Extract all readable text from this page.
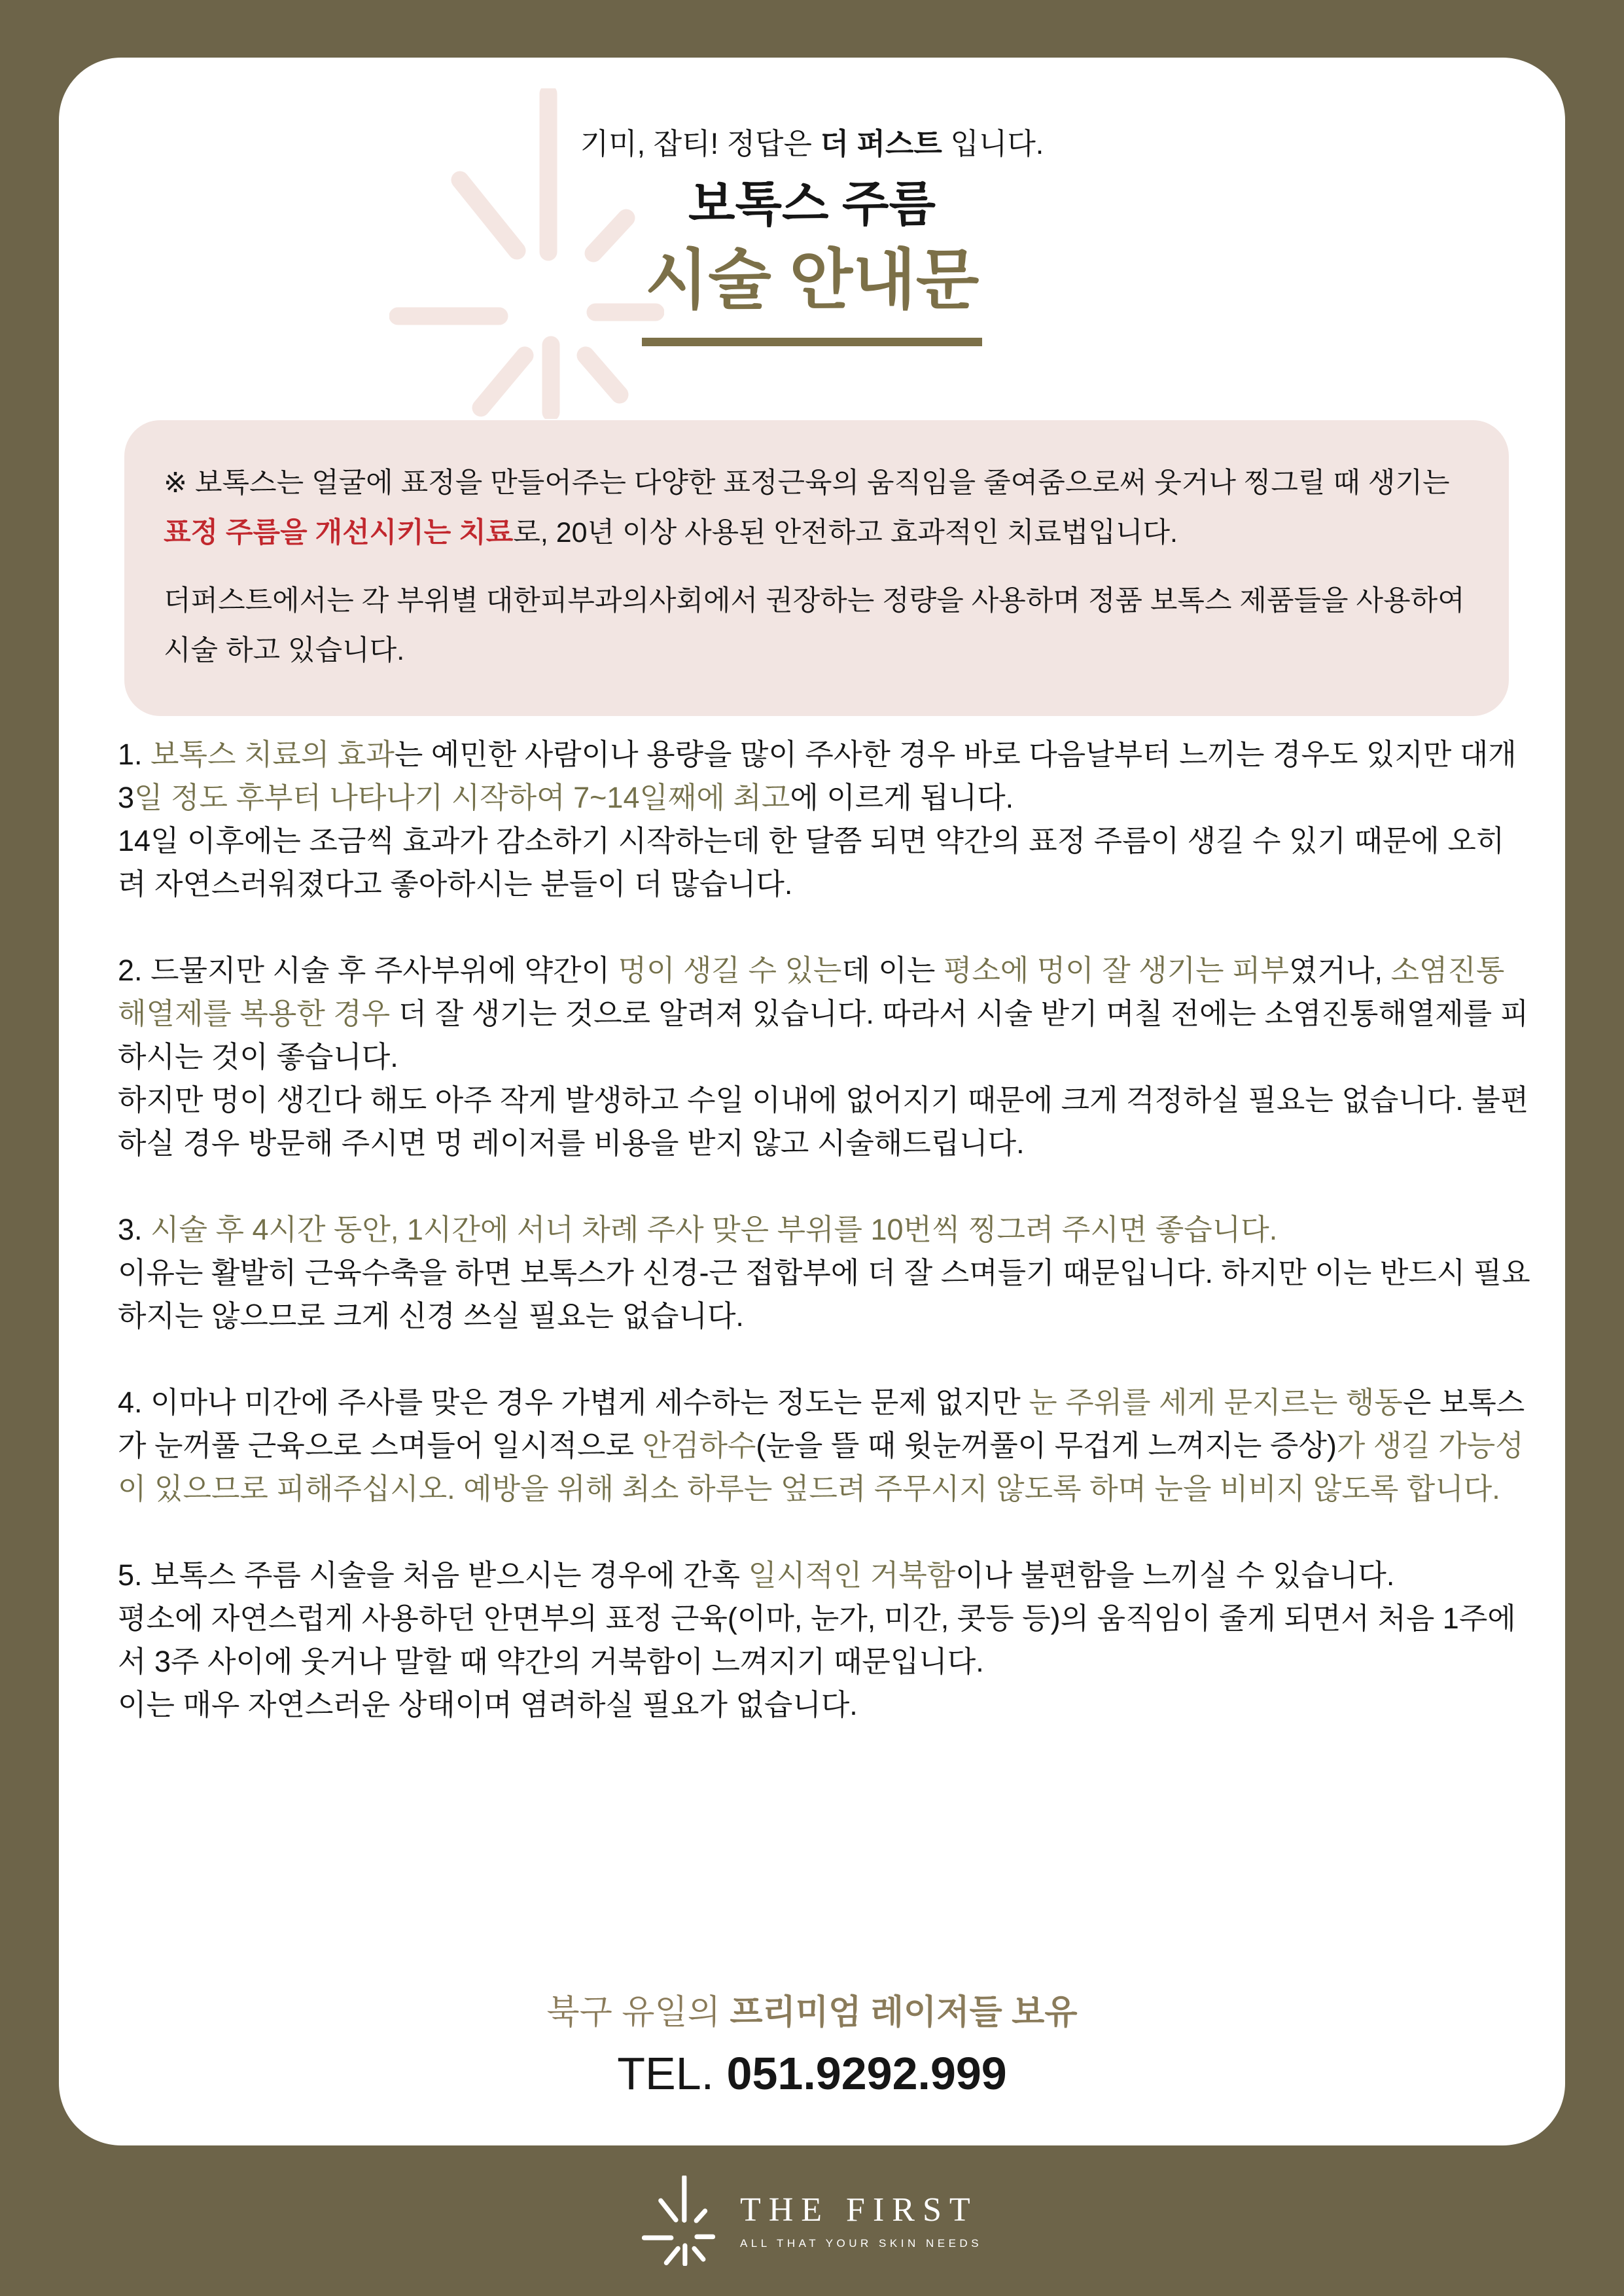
기미, 잡티! 정답은 더 퍼스트 입니다.
보톡스 주름
시술 안내문

※ 보톡스는 얼굴에 표정을 만들어주는 다양한 표정근육의 움직임을 줄여줌으로써 웃거나 찡그릴 때 생기는 표정 주름을 개선시키는 치료로, 20년 이상 사용된 안전하고 효과적인 치료법입니다.

더퍼스트에서는 각 부위별 대한피부과의사회에서 권장하는 정량을 사용하며 정품 보톡스 제품들을 사용하여 시술 하고 있습니다.

1. 보톡스 치료의 효과는 예민한 사람이나 용량을 많이 주사한 경우 바로 다음날부터 느끼는 경우도 있지만 대개 3일 정도 후부터 나타나기 시작하여 7~14일째에 최고에 이르게 됩니다.
14일 이후에는 조금씩 효과가 감소하기 시작하는데 한 달쯤 되면 약간의 표정 주름이 생길 수 있기 때문에 오히려 자연스러워졌다고 좋아하시는 분들이 더 많습니다.

2. 드물지만 시술 후 주사부위에 약간이 멍이 생길 수 있는데 이는 평소에 멍이 잘 생기는 피부였거나, 소염진통해열제를 복용한 경우 더 잘 생기는 것으로 알려져 있습니다. 따라서 시술 받기 며칠 전에는 소염진통해열제를 피하시는 것이 좋습니다.
하지만 멍이 생긴다 해도 아주 작게 발생하고 수일 이내에 없어지기 때문에 크게 걱정하실 필요는 없습니다. 불편하실 경우 방문해 주시면 멍 레이저를 비용을 받지 않고 시술해드립니다.

3. 시술 후 4시간 동안, 1시간에 서너 차례 주사 맞은 부위를 10번씩 찡그려 주시면 좋습니다.
이유는 활발히 근육수축을 하면 보톡스가 신경-근 접합부에 더 잘 스며들기 때문입니다. 하지만 이는 반드시 필요하지는 않으므로 크게 신경 쓰실 필요는 없습니다.

4. 이마나 미간에 주사를 맞은 경우 가볍게 세수하는 정도는 문제 없지만 눈 주위를 세게 문지르는 행동은 보톡스가 눈꺼풀 근육으로 스며들어 일시적으로 안검하수(눈을 뜰 때 윗눈꺼풀이 무겁게 느껴지는 증상)가 생길 가능성이 있으므로 피해주십시오. 예방을 위해 최소 하루는 엎드려 주무시지 않도록 하며 눈을 비비지 않도록 합니다.

5. 보톡스 주름 시술을 처음 받으시는 경우에 간혹 일시적인 거북함이나 불편함을 느끼실 수 있습니다.
평소에 자연스럽게 사용하던 안면부의 표정 근육(이마, 눈가, 미간, 콧등 등)의 움직임이 줄게 되면서 처음 1주에서 3주 사이에 웃거나 말할 때 약간의 거북함이 느껴지기 때문입니다.
이는 매우 자연스러운 상태이며 염려하실 필요가 없습니다.

북구 유일의 프리미엄 레이저들 보유
TEL. 051.9292.999
THE FIRST
ALL THAT YOUR SKIN NEEDS
